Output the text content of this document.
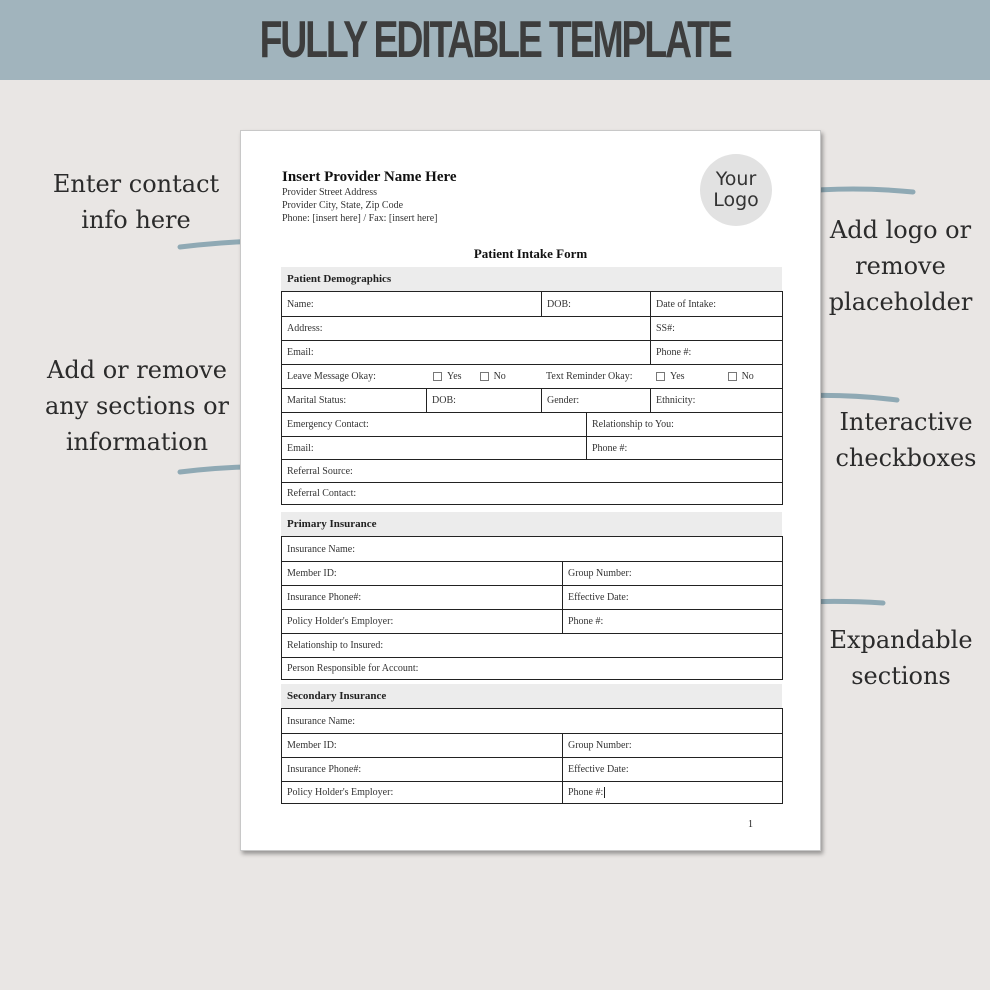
FULLY EDITABLE TEMPLATE
Enter contact
info here
Add or remove
any sections or
information
Add logo or
remove
placeholder
Interactive
checkboxes
Expandable
sections
Insert Provider Name Here
Provider Street Address
Provider City, State, Zip Code
Phone: [insert here] / Fax: [insert here]
Your
Logo
Patient Intake Form
Patient Demographics
Name:	DOB:	Date of Intake:
Address:	SS#:
Email:	Phone #:
Leave Message Okay:	Yes	No	Text Reminder Okay:	Yes	No
Marital Status:	DOB:	Gender:	Ethnicity:
Emergency Contact:	Relationship to You:
Email:	Phone #:
Referral Source:
Referral Contact:
Primary Insurance
Insurance Name:
Member ID:	Group Number:
Insurance Phone#:	Effective Date:
Policy Holder's Employer:	Phone #:
Relationship to Insured:
Person Responsible for Account:
Secondary Insurance
Insurance Name:
Member ID:	Group Number:
Insurance Phone#:	Effective Date:
Policy Holder's Employer:	Phone #:
1
